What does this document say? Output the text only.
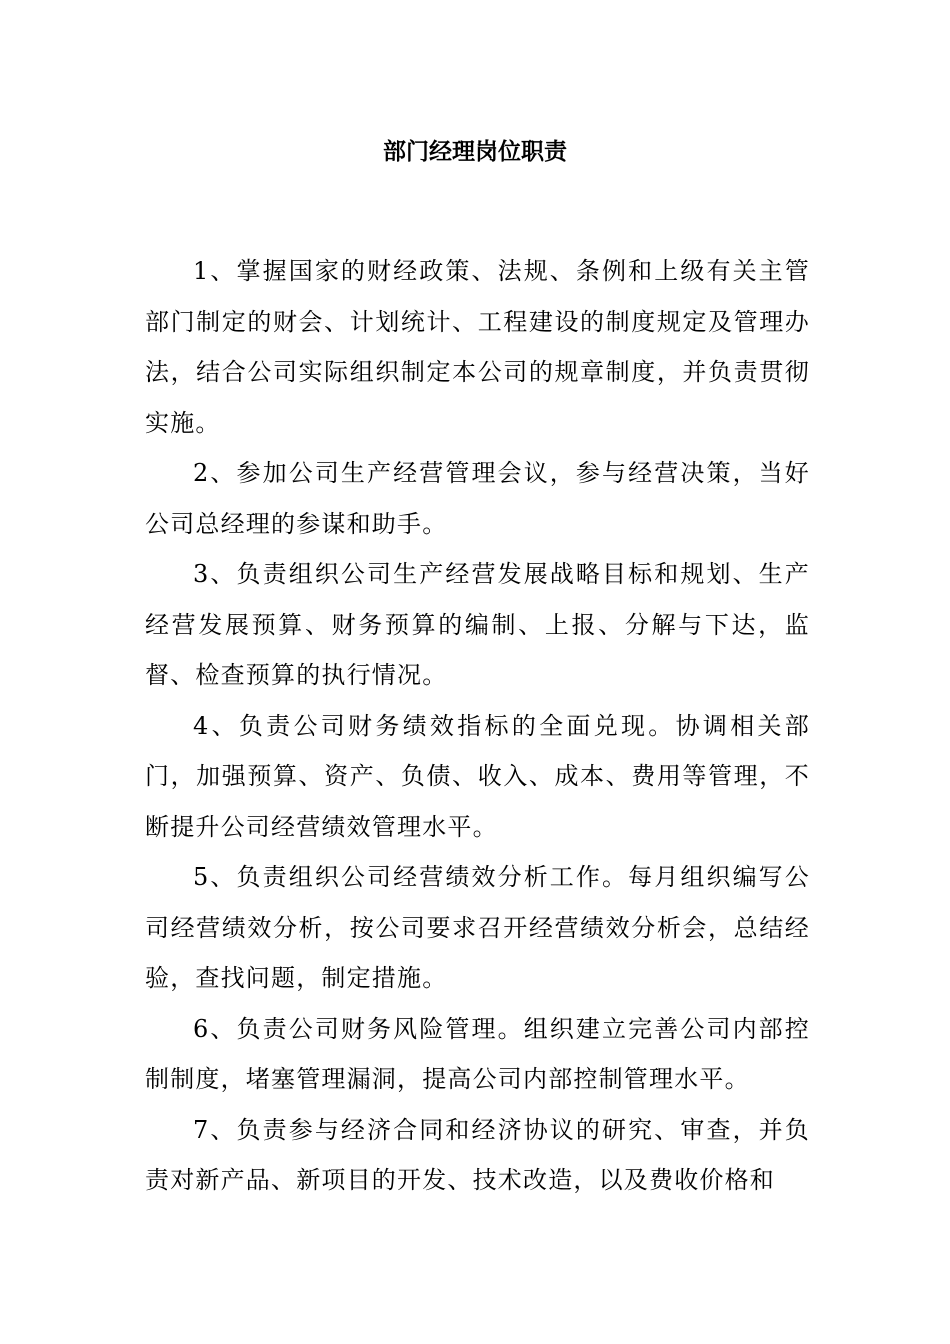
部门经理岗位职责

1、掌握国家的财经政策、法规、条例和上级有关主管部门制定的财会、计划统计、工程建设的制度规定及管理办法，结合公司实际组织制定本公司的规章制度，并负责贯彻实施。

2、参加公司生产经营管理会议，参与经营决策，当好公司总经理的参谋和助手。

3、负责组织公司生产经营发展战略目标和规划、生产经营发展预算、财务预算的编制、上报、分解与下达，监督、检查预算的执行情况。

4、负责公司财务绩效指标的全面兑现。协调相关部门，加强预算、资产、负债、收入、成本、费用等管理，不断提升公司经营绩效管理水平。

5、负责组织公司经营绩效分析工作。每月组织编写公司经营绩效分析，按公司要求召开经营绩效分析会，总结经验，查找问题，制定措施。

6、负责公司财务风险管理。组织建立完善公司内部控制制度，堵塞管理漏洞，提高公司内部控制管理水平。

7、负责参与经济合同和经济协议的研究、审查，并负责对新产品、新项目的开发、技术改造，以及费收价格和
